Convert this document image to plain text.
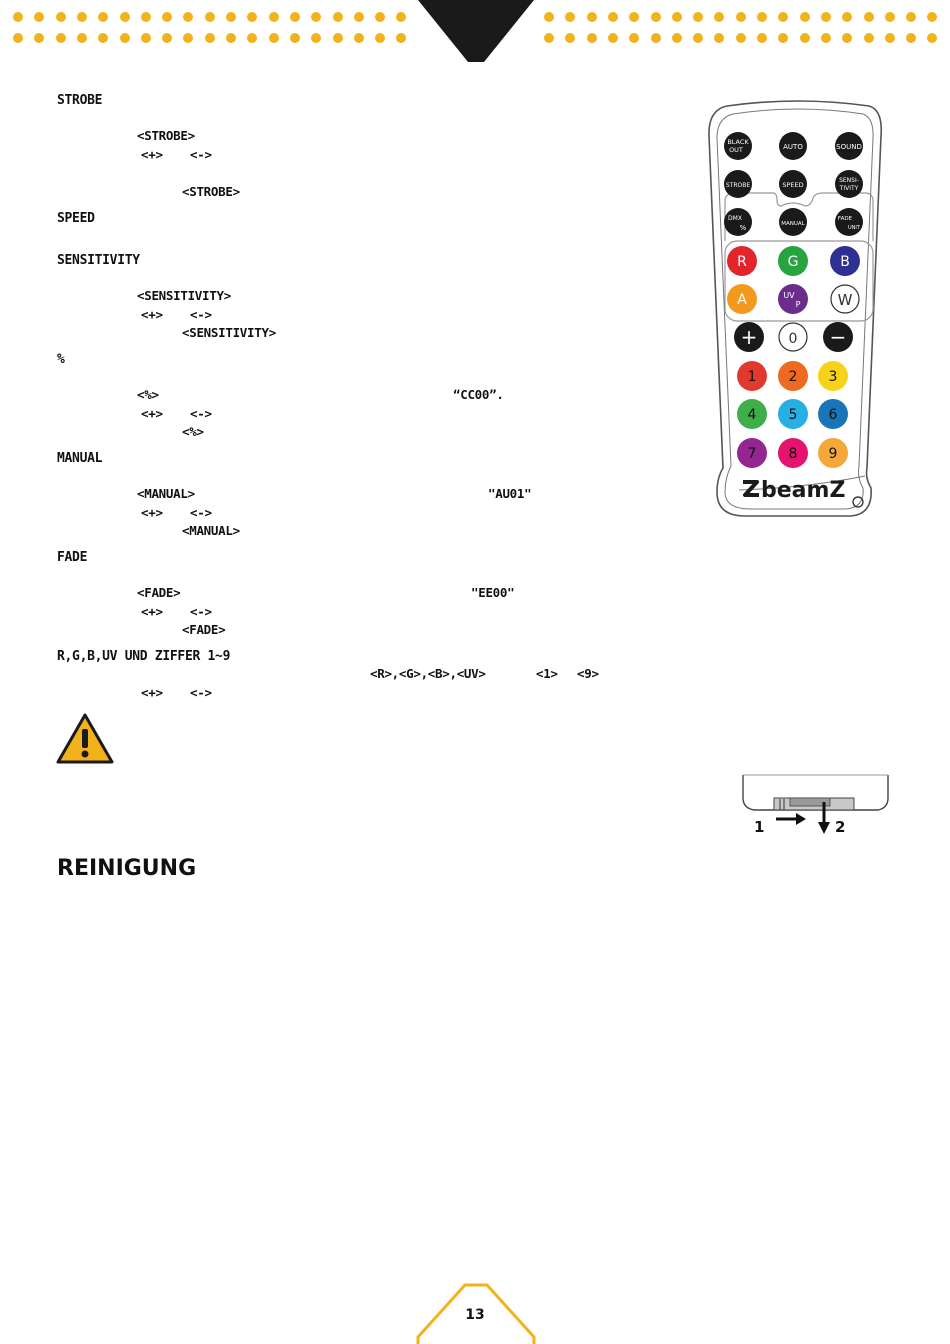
STROBE
<STROBE>
<+> <->
<STROBE>
SPEED
SENSITIVITY
<SENSITIVITY>
<+> <->
<SENSITIVITY>
%
<%>	“CC00”.
<+> <->
<%>
MANUAL
<MANUAL>	"AU01"
<+> <->
<MANUAL>
FADE
<FADE>	"EE00"
<+> <->
<FADE>
R,G,B,UV UND ZIFFER 1~9
<R>,<G>,<B>,<UV>	<1> <9>
<+> <->
BLACK
OUT	AUTO	SOUND
STROBE	SPEED
SENSI-
TIVITY
DMX
%	MANUAL
FADE
UNIT
R	G	B
A	UV
P W
+ 0 −
1 2 3
4 5 6
7 8 9
beamZ
1	2
REINIGUNG
13
